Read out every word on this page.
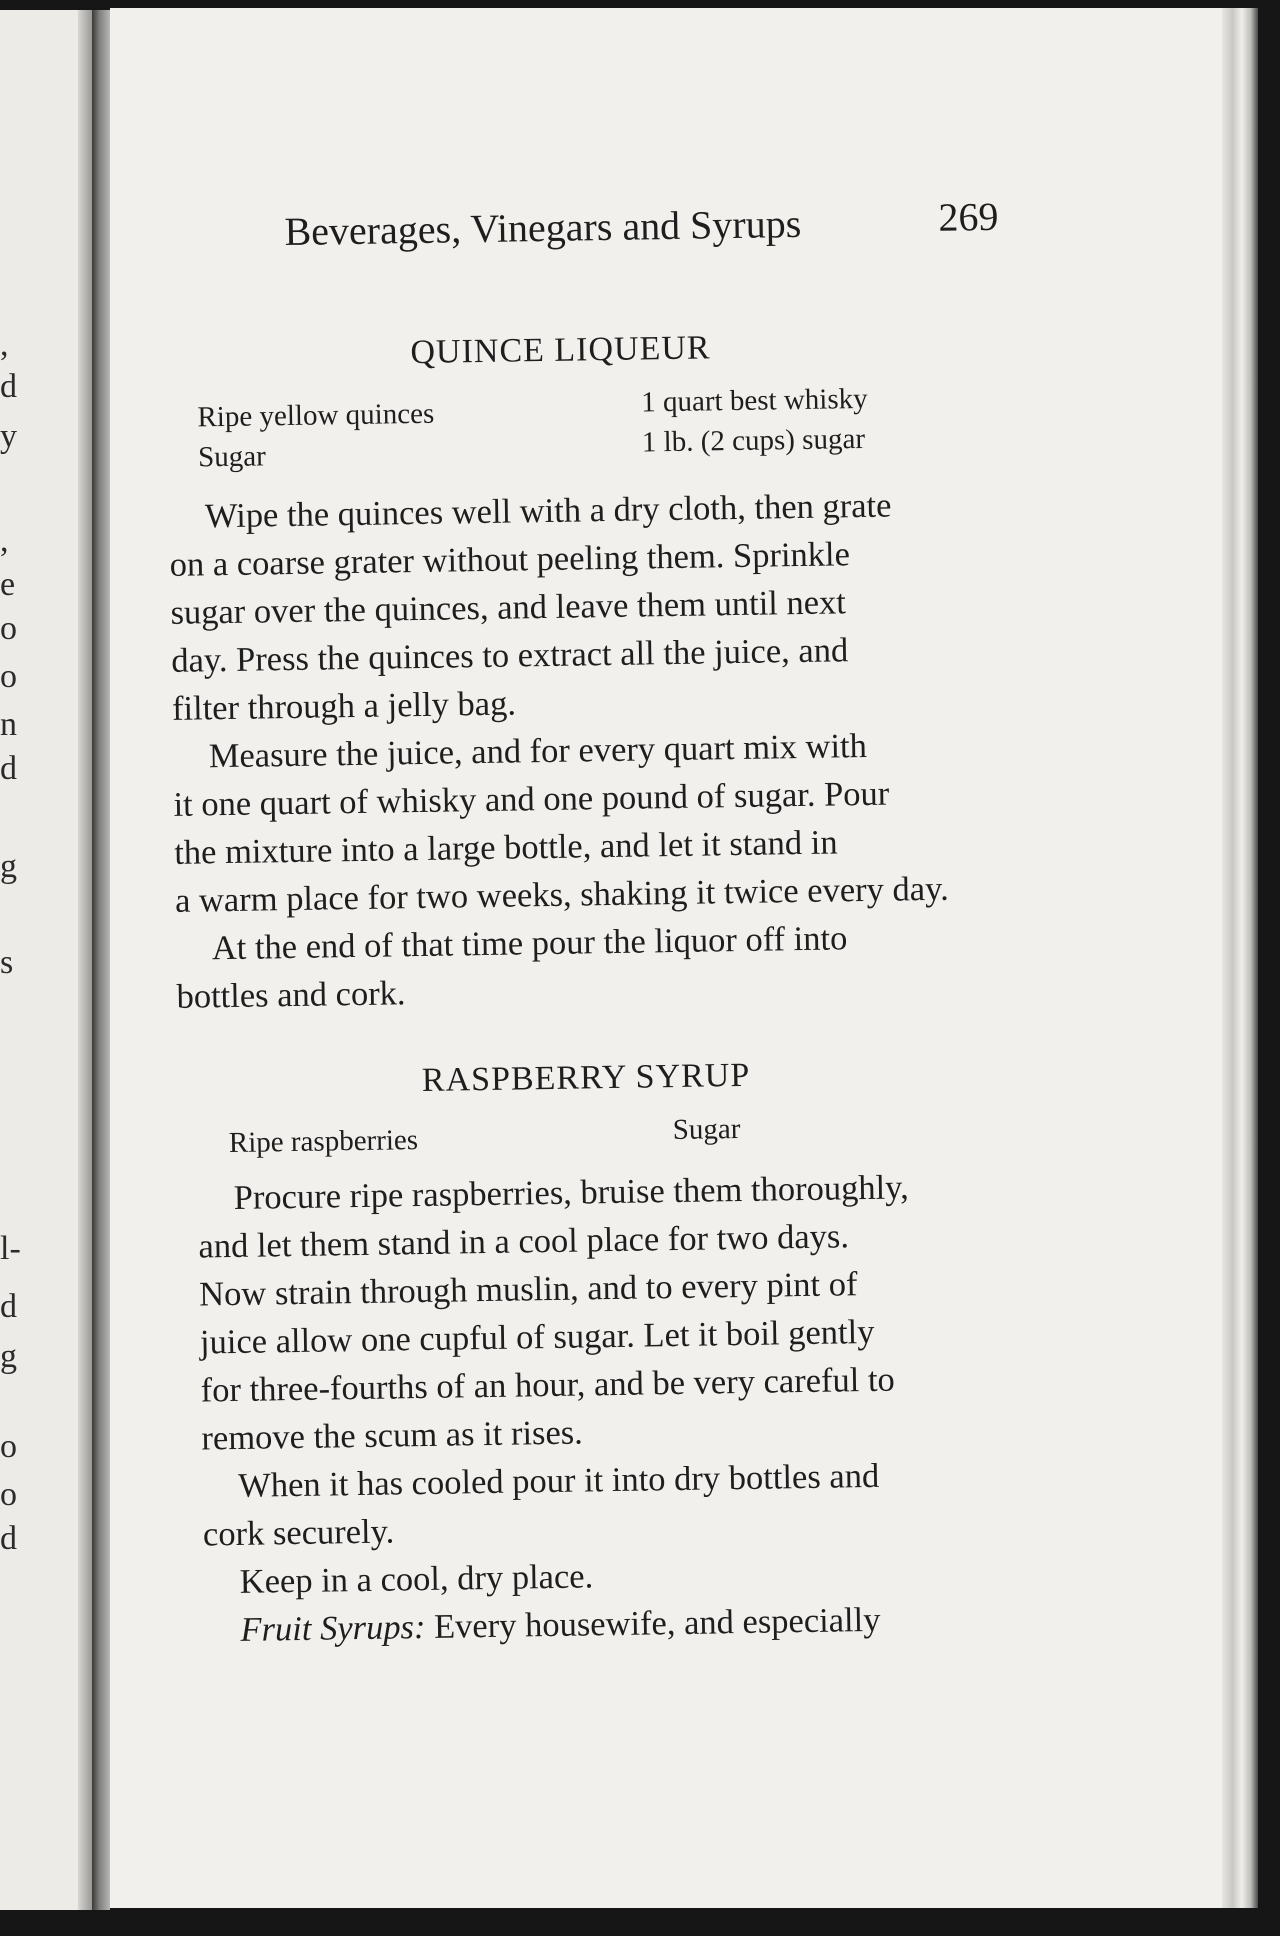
,
d
y
,
e
o
o
n
d
g
s
l-
d
g
o
o
d
Beverages, Vinegars and Syrups	269
QUINCE LIQUEUR
Ripe yellow quinces
Sugar
1 quart best whisky
1 lb. (2 cups) sugar
Wipe the quinces well with a dry cloth, then grate
on a coarse grater without peeling them. Sprinkle
sugar over the quinces, and leave them until next
day. Press the quinces to extract all the juice, and
filter through a jelly bag.
Measure the juice, and for every quart mix with
it one quart of whisky and one pound of sugar. Pour
the mixture into a large bottle, and let it stand in
a warm place for two weeks, shaking it twice every day.
At the end of that time pour the liquor off into
bottles and cork.
RASPBERRY SYRUP
Ripe raspberries	Sugar
Procure ripe raspberries, bruise them thoroughly,
and let them stand in a cool place for two days.
Now strain through muslin, and to every pint of
juice allow one cupful of sugar. Let it boil gently
for three-fourths of an hour, and be very careful to
remove the scum as it rises.
When it has cooled pour it into dry bottles and
cork securely.
Keep in a cool, dry place.
Fruit Syrups: Every housewife, and especially
